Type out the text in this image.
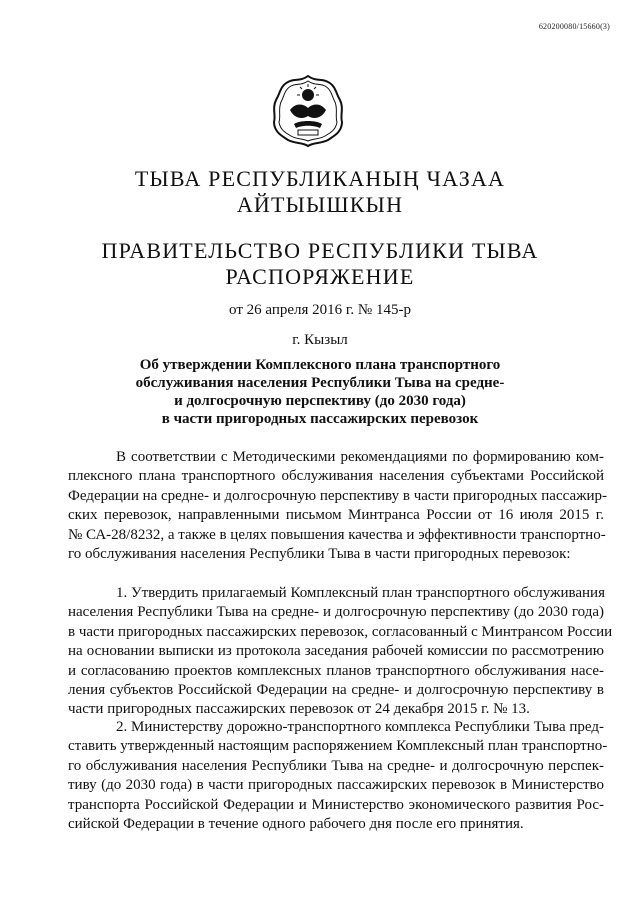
620200080/15660(3)
ТЫВА РЕСПУБЛИКАНЫҢ ЧАЗАА
АЙТЫЫШКЫН
ПРАВИТЕЛЬСТВО РЕСПУБЛИКИ ТЫВА
РАСПОРЯЖЕНИЕ
от 26 апреля 2016 г. № 145-р
г. Кызыл
Об утверждении Комплексного плана транспортного
обслуживания населения Республики Тыва на средне-
и долгосрочную перспективу (до 2030 года)
в части пригородных пассажирских перевозок
В соответствии с Методическими рекомендациями по формированию ком-
плексного плана транспортного обслуживания населения субъектами Российской
Федерации на средне- и долгосрочную перспективу в части пригородных пассажир-
ских перевозок, направленными письмом Минтранса России от 16 июля 2015 г.
№ СА-28/8232, а также в целях повышения качества и эффективности транспортно-
го обслуживания населения Республики Тыва в части пригородных перевозок:
1. Утвердить прилагаемый Комплексный план транспортного обслуживания
населения Республики Тыва на средне- и долгосрочную перспективу (до 2030 года)
в части пригородных пассажирских перевозок, согласованный с Минтрансом России
на основании выписки из протокола заседания рабочей комиссии по рассмотрению
и согласованию проектов комплексных планов транспортного обслуживания насе-
ления субъектов Российской Федерации на средне- и долгосрочную перспективу в
части пригородных пассажирских перевозок от 24 декабря 2015 г. № 13.
2. Министерству дорожно-транспортного комплекса Республики Тыва пред-
ставить утвержденный настоящим распоряжением Комплексный план транспортно-
го обслуживания населения Республики Тыва на средне- и долгосрочную перспек-
тиву (до 2030 года) в части пригородных пассажирских перевозок в Министерство
транспорта Российской Федерации и Министерство экономического развития Рос-
сийской Федерации в течение одного рабочего дня после его принятия.
